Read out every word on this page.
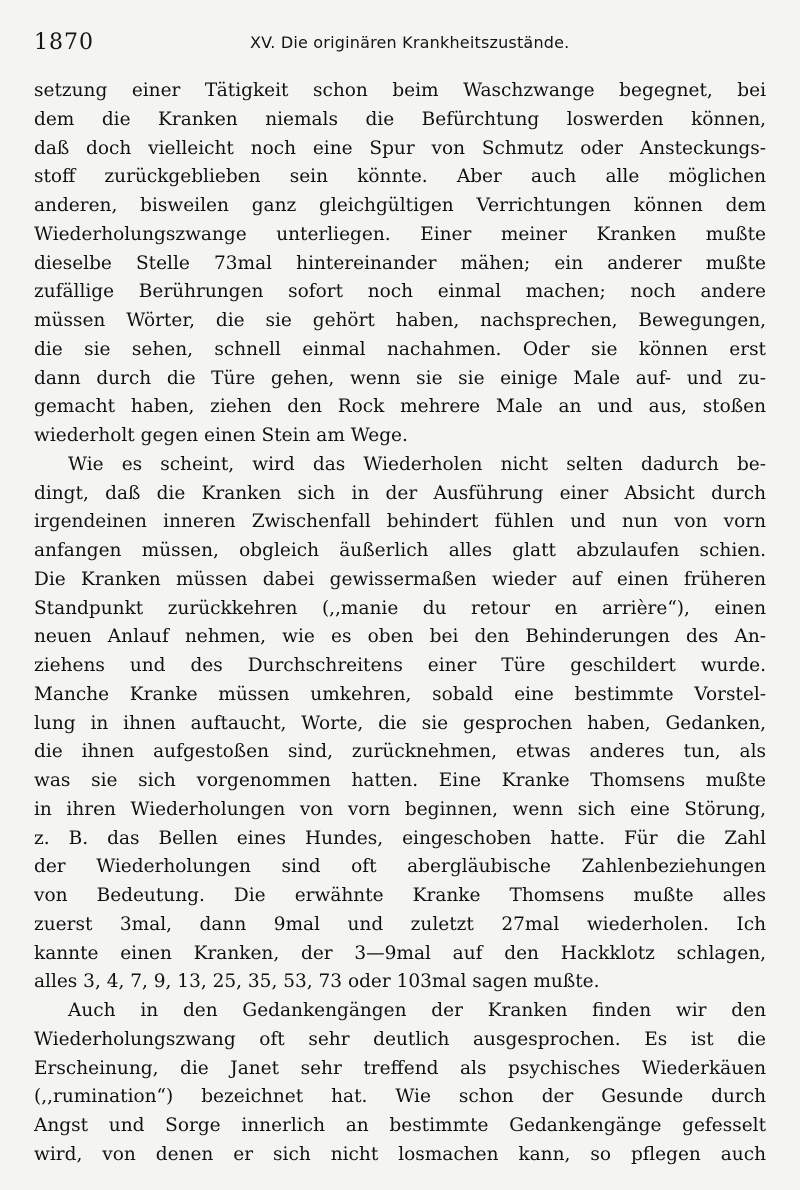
1870	XV. Die originären Krankheitszustände.
setzung einer Tätigkeit schon beim Waschzwange begegnet, bei
dem die Kranken niemals die Befürchtung loswerden können,
daß doch vielleicht noch eine Spur von Schmutz oder Ansteckungs-
stoff zurückgeblieben sein könnte. Aber auch alle möglichen
anderen, bisweilen ganz gleichgültigen Verrichtungen können dem
Wiederholungszwange unterliegen. Einer meiner Kranken mußte
dieselbe Stelle 73mal hintereinander mähen; ein anderer mußte
zufällige Berührungen sofort noch einmal machen; noch andere
müssen Wörter, die sie gehört haben, nachsprechen, Bewegungen,
die sie sehen, schnell einmal nachahmen. Oder sie können erst
dann durch die Türe gehen, wenn sie sie einige Male auf- und zu-
gemacht haben, ziehen den Rock mehrere Male an und aus, stoßen
wiederholt gegen einen Stein am Wege.
Wie es scheint, wird das Wiederholen nicht selten dadurch be-
dingt, daß die Kranken sich in der Ausführung einer Absicht durch
irgendeinen inneren Zwischenfall behindert fühlen und nun von vorn
anfangen müssen, obgleich äußerlich alles glatt abzulaufen schien.
Die Kranken müssen dabei gewissermaßen wieder auf einen früheren
Standpunkt zurückkehren (,,manie du retour en arrière“), einen
neuen Anlauf nehmen, wie es oben bei den Behinderungen des An-
ziehens und des Durchschreitens einer Türe geschildert wurde.
Manche Kranke müssen umkehren, sobald eine bestimmte Vorstel-
lung in ihnen auftaucht, Worte, die sie gesprochen haben, Gedanken,
die ihnen aufgestoßen sind, zurücknehmen, etwas anderes tun, als
was sie sich vorgenommen hatten. Eine Kranke Thomsens mußte
in ihren Wiederholungen von vorn beginnen, wenn sich eine Störung,
z. B. das Bellen eines Hundes, eingeschoben hatte. Für die Zahl
der Wiederholungen sind oft abergläubische Zahlenbeziehungen
von Bedeutung. Die erwähnte Kranke Thomsens mußte alles
zuerst 3mal, dann 9mal und zuletzt 27mal wiederholen. Ich
kannte einen Kranken, der 3—9mal auf den Hackklotz schlagen,
alles 3, 4, 7, 9, 13, 25, 35, 53, 73 oder 103mal sagen mußte.
Auch in den Gedankengängen der Kranken finden wir den
Wiederholungszwang oft sehr deutlich ausgesprochen. Es ist die
Erscheinung, die Janet sehr treffend als psychisches Wiederkäuen
(,,rumination“) bezeichnet hat. Wie schon der Gesunde durch
Angst und Sorge innerlich an bestimmte Gedankengänge gefesselt
wird, von denen er sich nicht losmachen kann, so pflegen auch
